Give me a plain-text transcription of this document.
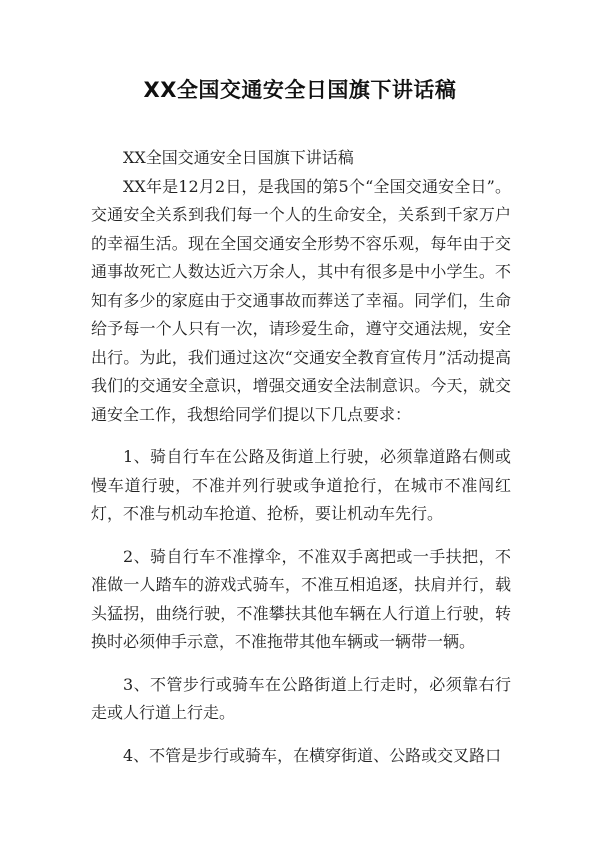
XX全国交通安全日国旗下讲话稿

XX全国交通安全日国旗下讲话稿

XX年是12月2日，是我国的第5个“全国交通安全日”。交通安全关系到我们每一个人的生命安全，关系到千家万户的幸福生活。现在全国交通安全形势不容乐观，每年由于交通事故死亡人数达近六万余人，其中有很多是中小学生。不知有多少的家庭由于交通事故而葬送了幸福。同学们，生命给予每一个人只有一次，请珍爱生命，遵守交通法规，安全出行。为此，我们通过这次“交通安全教育宣传月”活动提高我们的交通安全意识，增强交通安全法制意识。今天，就交通安全工作，我想给同学们提以下几点要求：

1、骑自行车在公路及街道上行驶，必须靠道路右侧或慢车道行驶，不准并列行驶或争道抢行，在城市不准闯红灯，不准与机动车抢道、抢桥，要让机动车先行。

2、骑自行车不准撑伞，不准双手离把或一手扶把，不准做一人踏车的游戏式骑车，不准互相追逐，扶肩并行，载头猛拐，曲绕行驶，不准攀扶其他车辆在人行道上行驶，转换时必须伸手示意，不准拖带其他车辆或一辆带一辆。

3、不管步行或骑车在公路街道上行走时，必须靠右行走或人行道上行走。

4、不管是步行或骑车，在横穿街道、公路或交叉路口
